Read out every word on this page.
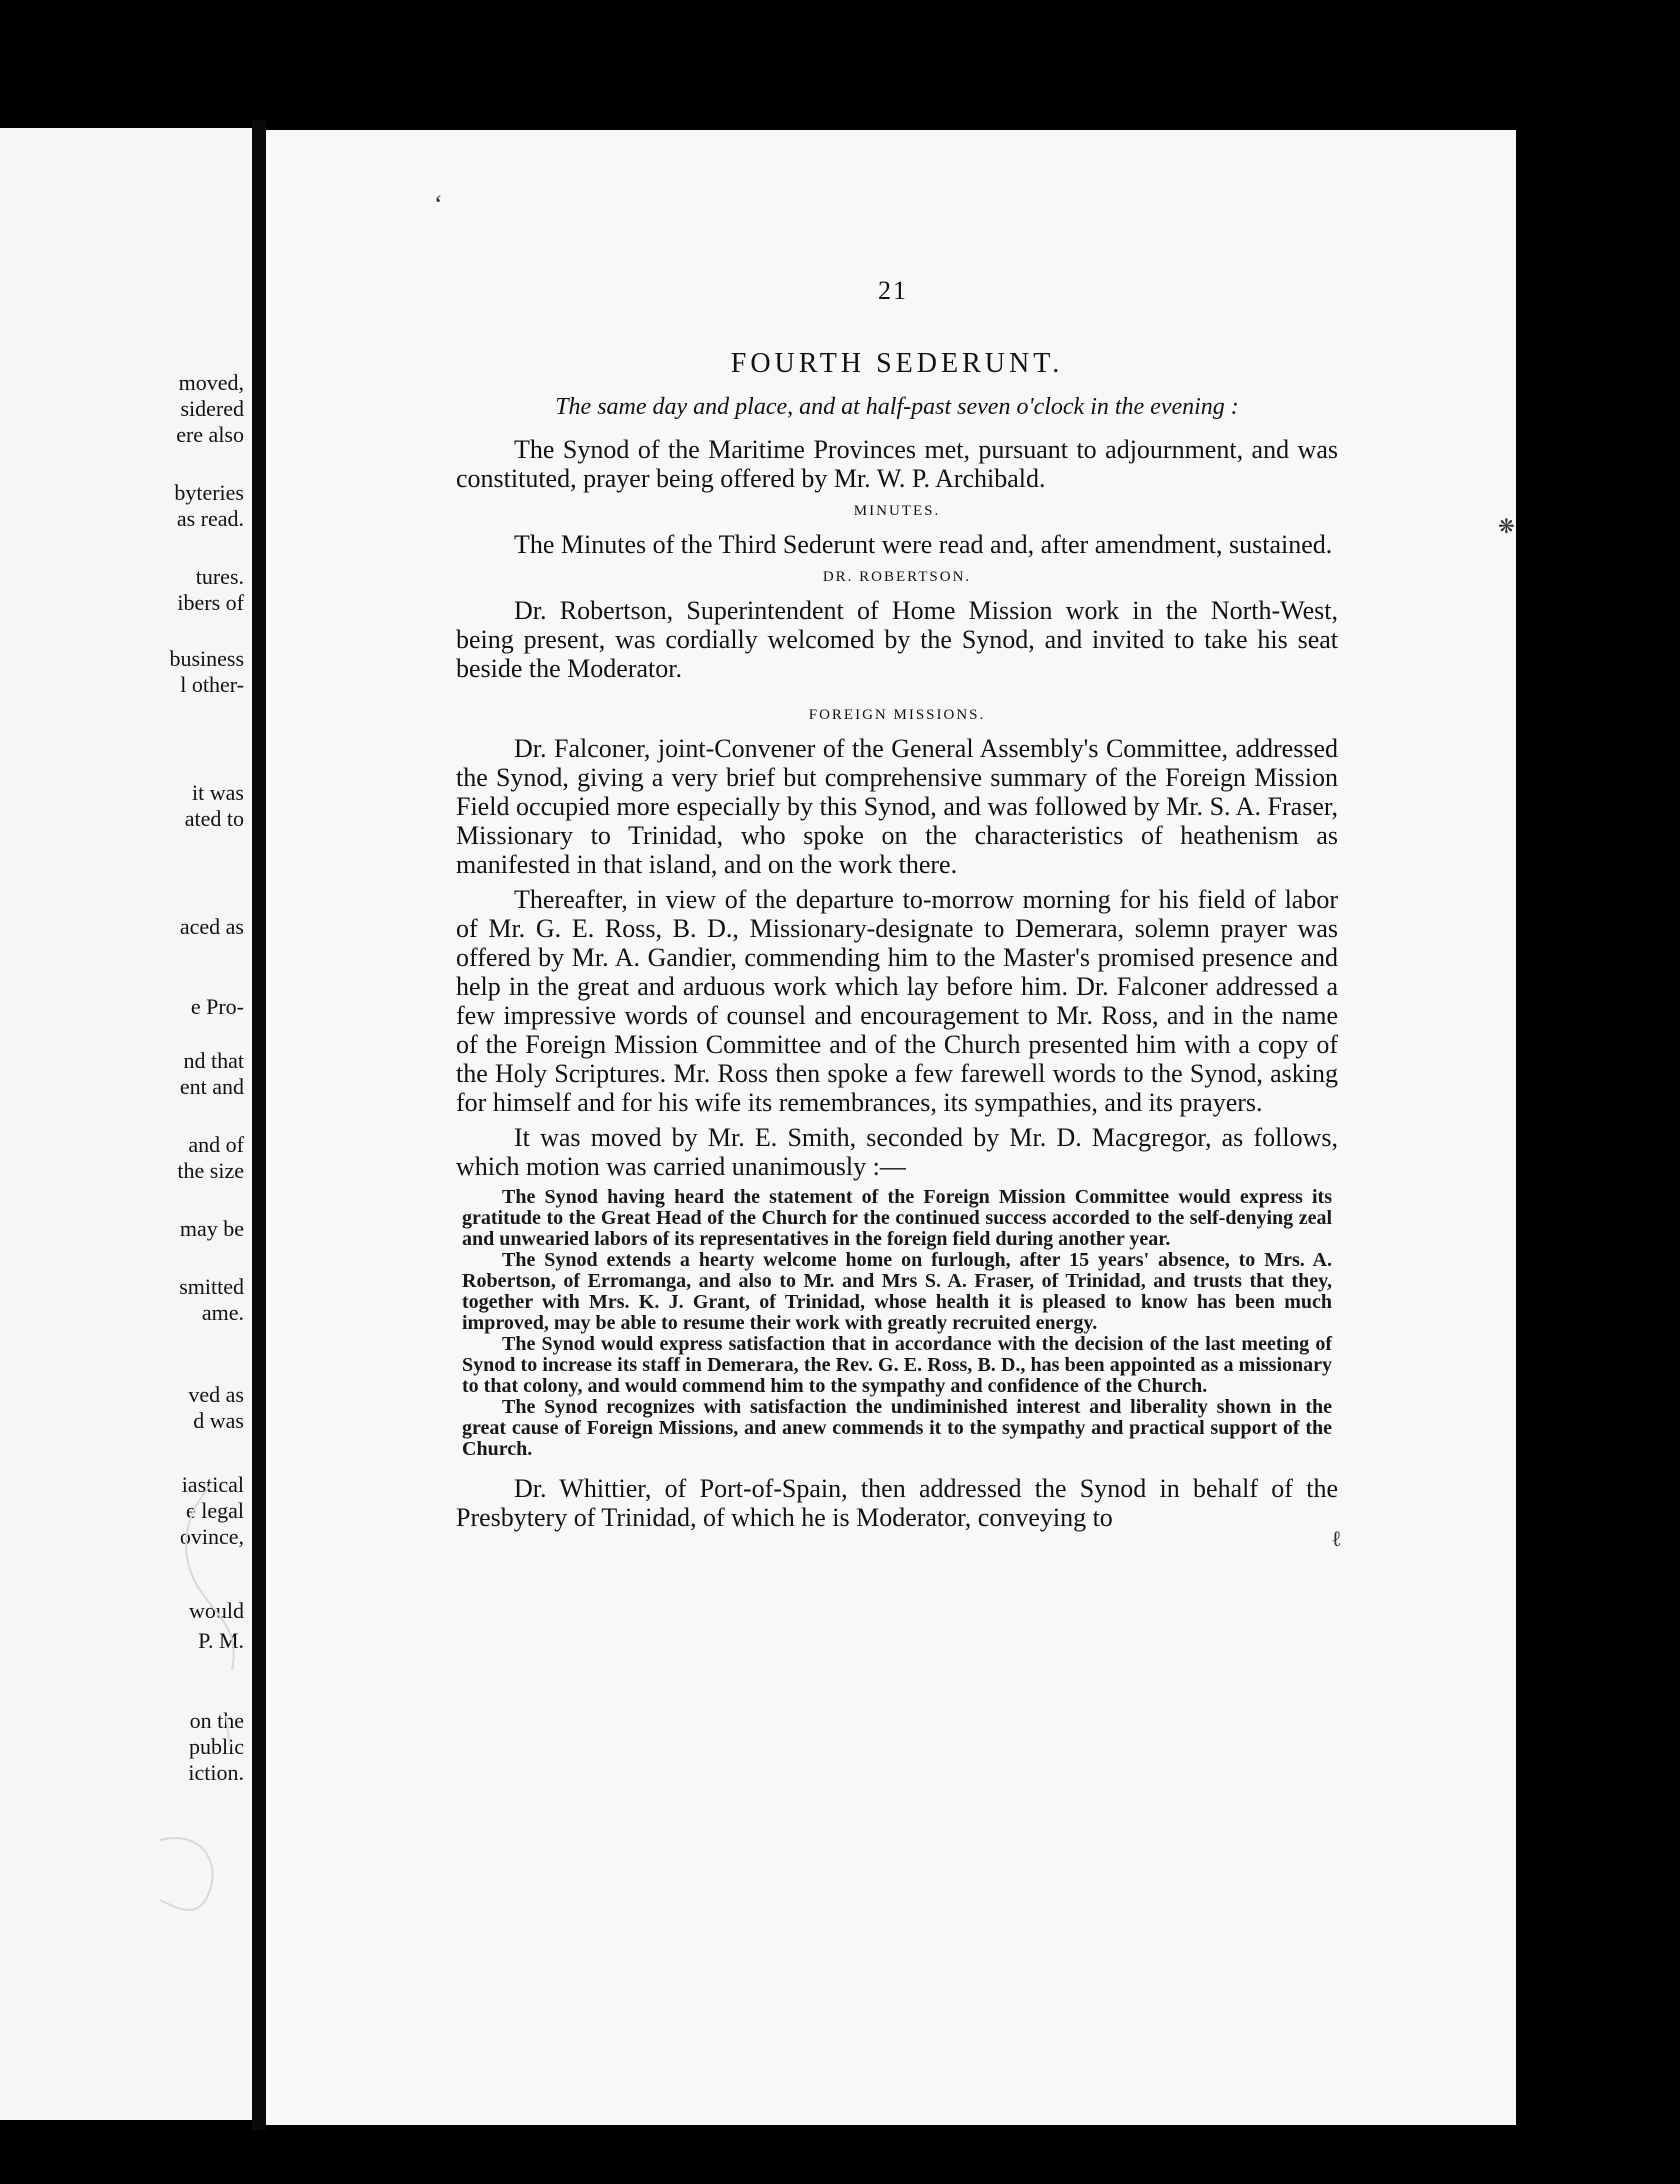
moved,
sidered
ere also
byteries
as read.
tures.
ibers of
business
l other-
it was
ated to
aced as
e Pro-
nd that
ent and
and of
the size
may be
smitted
ame.
ved as
d was
iastical
e legal
ovince,
would
P. M.
on the
public
iction.
ʻ
21
FOURTH SEDERUNT.
The same day and place, and at half-past seven o'clock in the evening :

The Synod of the Maritime Provinces met, pursuant to adjournment, and was constituted, prayer being offered by Mr. W. P. Archibald.

MINUTES.

The Minutes of the Third Sederunt were read and, after amendment, sustained.

DR. ROBERTSON.

Dr. Robertson, Superintendent of Home Mission work in the North-West, being present, was cordially welcomed by the Synod, and invited to take his seat beside the Moderator.

FOREIGN MISSIONS.

Dr. Falconer, joint-Convener of the General Assembly's Committee, addressed the Synod, giving a very brief but comprehensive summary of the Foreign Mission Field occupied more especially by this Synod, and was followed by Mr. S. A. Fraser, Missionary to Trinidad, who spoke on the characteristics of heathenism as manifested in that island, and on the work there.

Thereafter, in view of the departure to-morrow morning for his field of labor of Mr. G. E. Ross, B. D., Missionary-designate to Demerara, solemn prayer was offered by Mr. A. Gandier, commending him to the Master's promised presence and help in the great and arduous work which lay before him. Dr. Falconer addressed a few impressive words of counsel and encouragement to Mr. Ross, and in the name of the Foreign Mission Committee and of the Church presented him with a copy of the Holy Scriptures. Mr. Ross then spoke a few farewell words to the Synod, asking for himself and for his wife its remembrances, its sympathies, and its prayers.

It was moved by Mr. E. Smith, seconded by Mr. D. Macgregor, as follows, which motion was carried unanimously :—

The Synod having heard the statement of the Foreign Mission Committee would express its gratitude to the Great Head of the Church for the continued success accorded to the self-denying zeal and unwearied labors of its representatives in the foreign field during another year.

The Synod extends a hearty welcome home on furlough, after 15 years' absence, to Mrs. A. Robertson, of Erromanga, and also to Mr. and Mrs S. A. Fraser, of Trinidad, and trusts that they, together with Mrs. K. J. Grant, of Trinidad, whose health it is pleased to know has been much improved, may be able to resume their work with greatly recruited energy.

The Synod would express satisfaction that in accordance with the decision of the last meeting of Synod to increase its staff in Demerara, the Rev. G. E. Ross, B. D., has been appointed as a missionary to that colony, and would commend him to the sympathy and confidence of the Church.

The Synod recognizes with satisfaction the undiminished interest and liberality shown in the great cause of Foreign Missions, and anew commends it to the sympathy and practical support of the Church.

Dr. Whittier, of Port-of-Spain, then addressed the Synod in behalf of the Presbytery of Trinidad, of which he is Moderator, conveying to

❋
ℓ
